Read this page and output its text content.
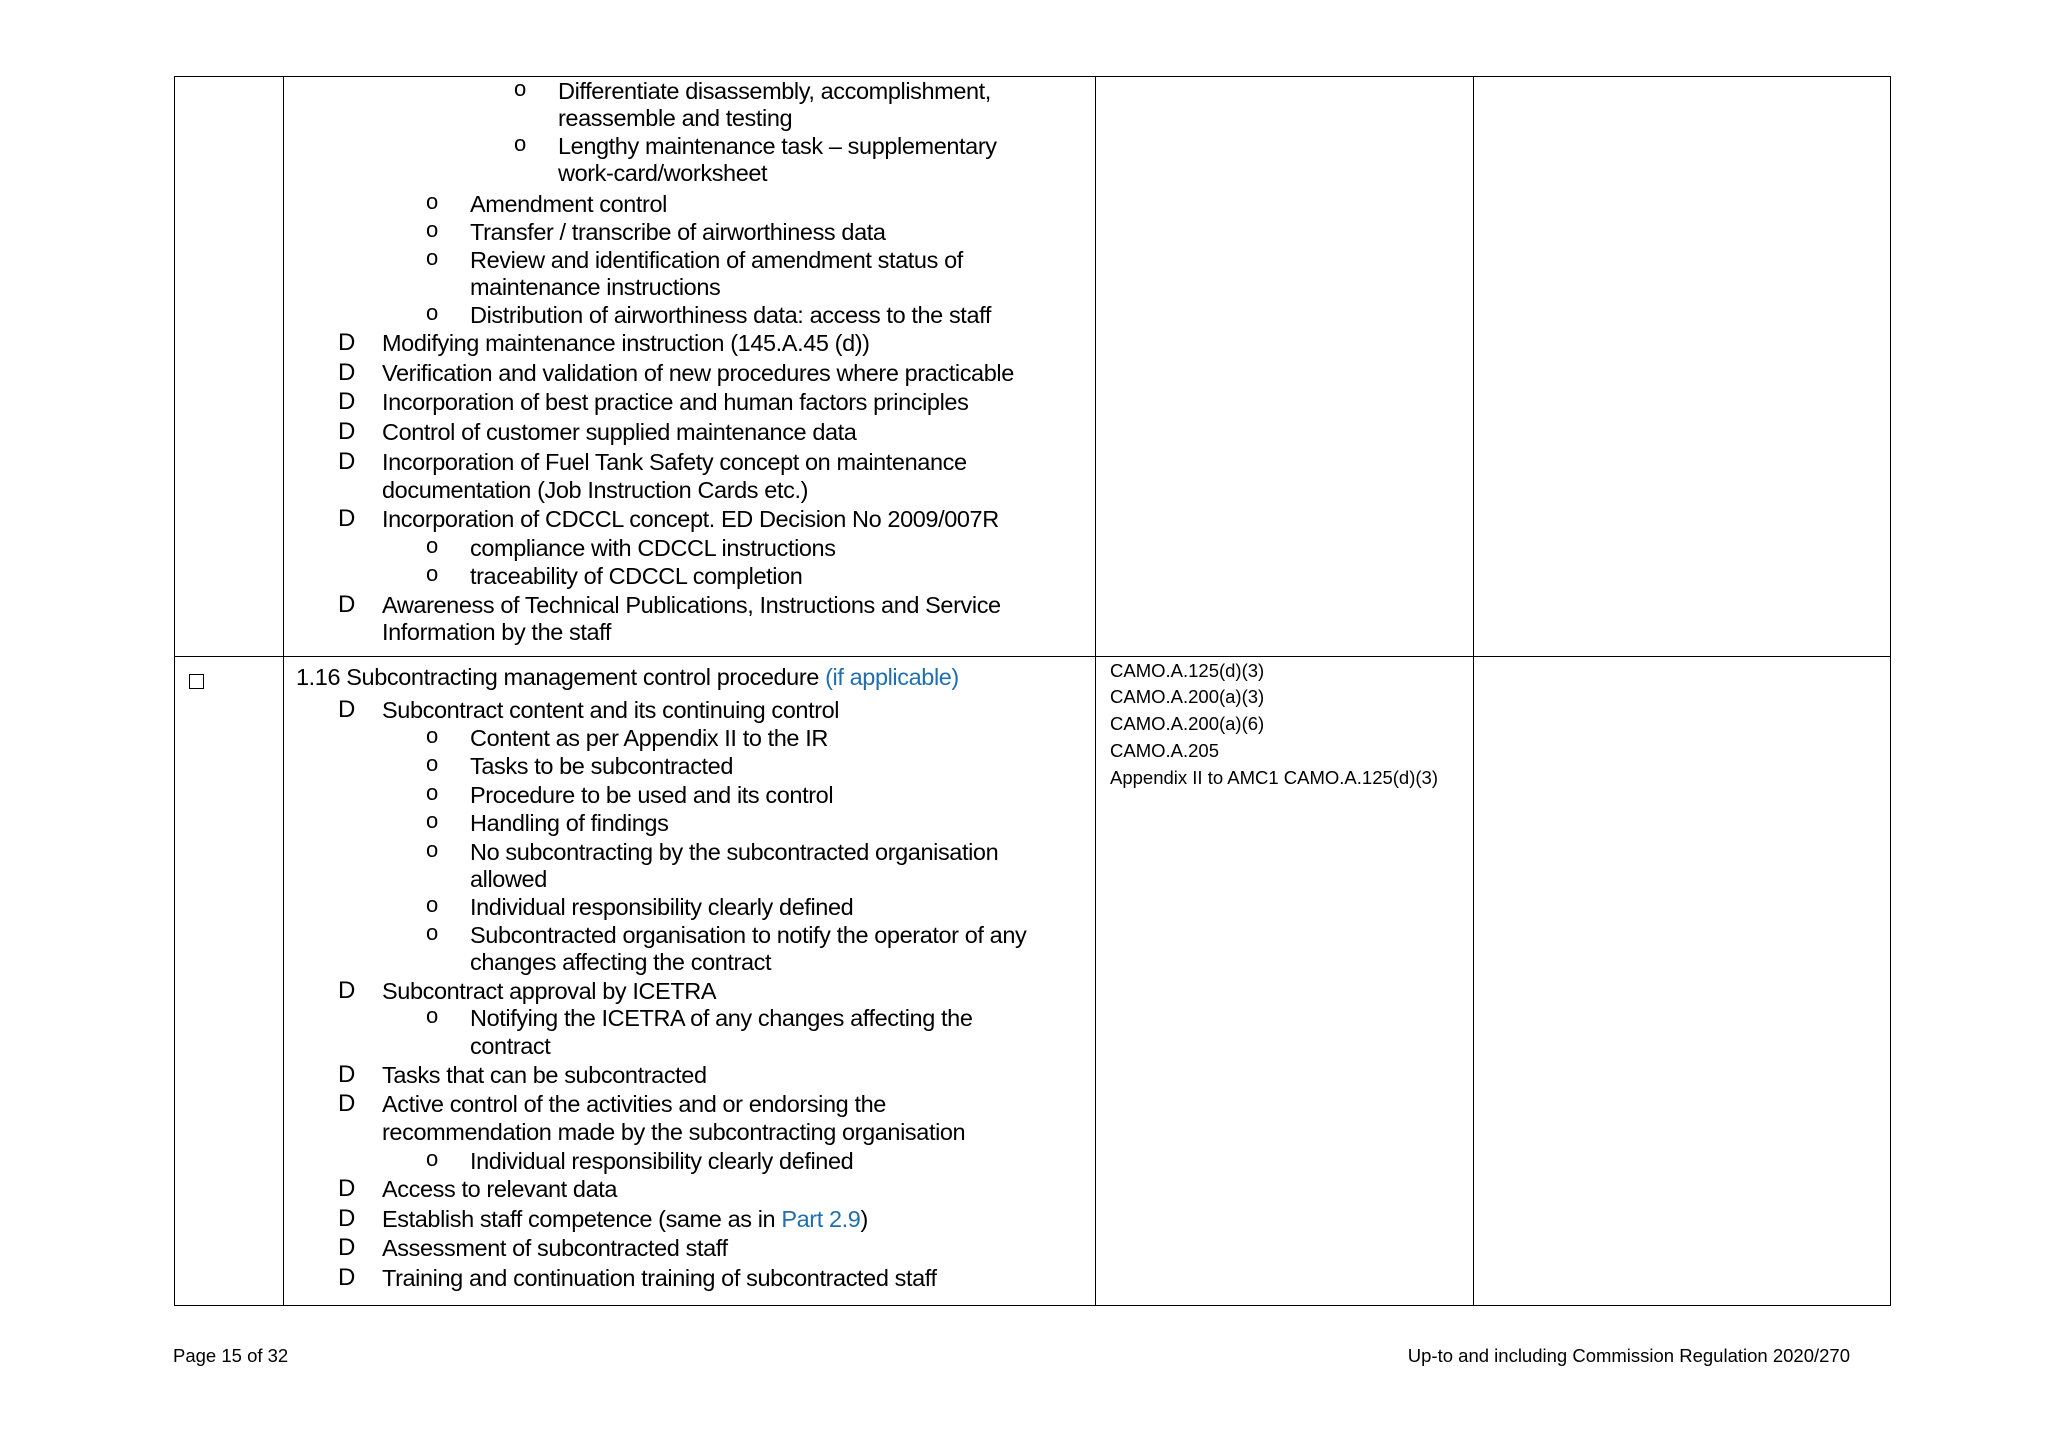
o Differentiate disassembly, accomplishment,
reassemble and testing
o Lengthy maintenance task – supplementary
work-card/worksheet
o Amendment control
o Transfer / transcribe of airworthiness data
o Review and identification of amendment status of
maintenance instructions
o Distribution of airworthiness data: access to the staff
D Modifying maintenance instruction (145.A.45 (d))
D Verification and validation of new procedures where practicable
D Incorporation of best practice and human factors principles
D Control of customer supplied maintenance data
D Incorporation of Fuel Tank Safety concept on maintenance
documentation (Job Instruction Cards etc.)
D Incorporation of CDCCL concept. ED Decision No 2009/007R
o compliance with CDCCL instructions
o traceability of CDCCL completion
D Awareness of Technical Publications, Instructions and Service
Information by the staff
1.16 Subcontracting management control procedure (if applicable)
D Subcontract content and its continuing control
o Content as per Appendix II to the IR
o Tasks to be subcontracted
o Procedure to be used and its control
o Handling of findings
o No subcontracting by the subcontracted organisation
allowed
o Individual responsibility clearly defined
o Subcontracted organisation to notify the operator of any
changes affecting the contract
D Subcontract approval by ICETRA
o Notifying the ICETRA of any changes affecting the
contract
D Tasks that can be subcontracted
D Active control of the activities and or endorsing the
recommendation made by the subcontracting organisation
o Individual responsibility clearly defined
D Access to relevant data
D Establish staff competence (same as in Part 2.9)
D Assessment of subcontracted staff
D Training and continuation training of subcontracted staff
CAMO.A.125(d)(3)
CAMO.A.200(a)(3)
CAMO.A.200(a)(6)
CAMO.A.205
Appendix II to AMC1 CAMO.A.125(d)(3)
Page 15 of 32	Up-to and including Commission Regulation 2020/270
